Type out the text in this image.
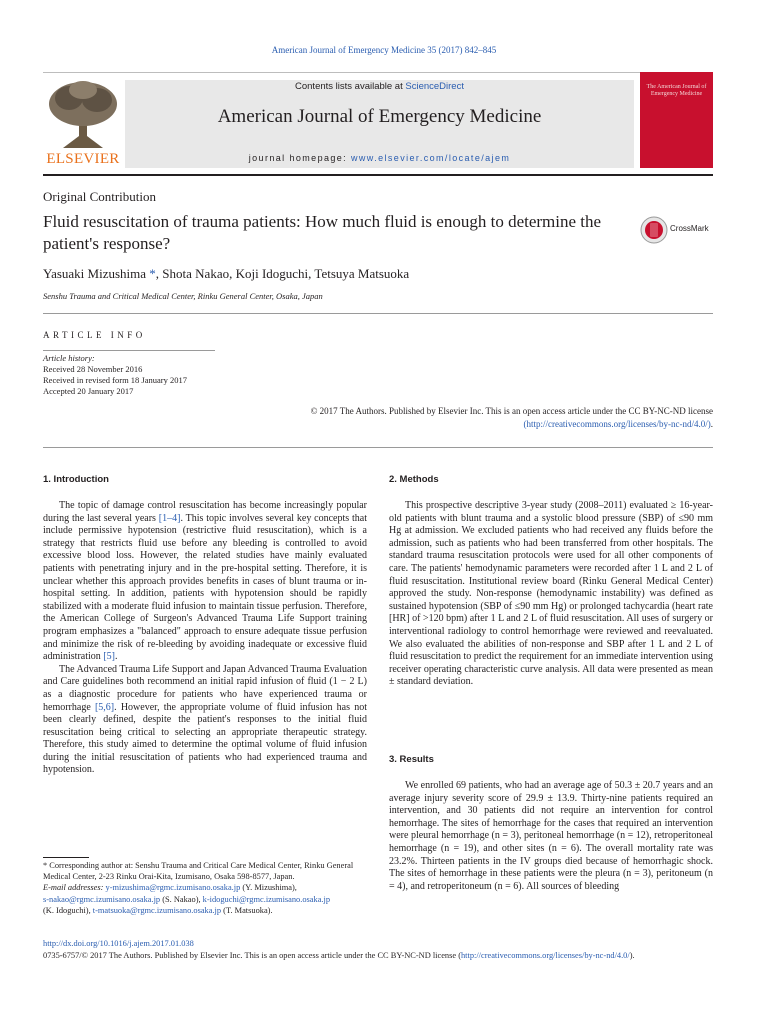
American Journal of Emergency Medicine 35 (2017) 842–845
ELSEVIER
Contents lists available at ScienceDirect
American Journal of Emergency Medicine
journal homepage: www.elsevier.com/locate/ajem
The American Journal of Emergency Medicine

Original Contribution
Fluid resuscitation of trauma patients: How much fluid is enough to determine the patient's response?
CrossMark
Yasuaki Mizushima *, Shota Nakao, Koji Idoguchi, Tetsuya Matsuoka
Senshu Trauma and Critical Medical Center, Rinku General Center, Osaka, Japan
ARTICLE INFO
Article history:
Received 28 November 2016
Received in revised form 18 January 2017
Accepted 20 January 2017
© 2017 The Authors. Published by Elsevier Inc. This is an open access article under the CC BY-NC-ND license
(http://creativecommons.org/licenses/by-nc-nd/4.0/).
1. Introduction

The topic of damage control resuscitation has become increasingly popular during the last several years [1–4]. This topic involves several key concepts that include permissive hypotension (restrictive fluid resuscitation), which is a strategy that restricts fluid use before any bleeding is controlled to avoid excessive blood loss. However, the related studies have mainly evaluated patients with penetrating injury and in the pre-hospital setting. Therefore, it is unclear whether this approach provides benefits in cases of blunt trauma or in-hospital setting. In addition, patients with hypotension should be rapidly stabilized with a moderate fluid infusion to maintain tissue perfusion. Therefore, the American College of Surgeon's Advanced Trauma Life Support training program emphasizes a "balanced" approach to ensure adequate tissue perfusion and minimize the risk of re-bleeding by avoiding inadequate or excessive fluid administration [5].

The Advanced Trauma Life Support and Japan Advanced Trauma Evaluation and Care guidelines both recommend an initial rapid infusion of fluid (1 − 2 L) as a diagnostic procedure for patients who have experienced trauma or hemorrhage [5,6]. However, the appropriate volume of fluid infusion has not been clearly defined, despite the patient's responses to the initial fluid resuscitation being critical to selecting an appropriate therapeutic strategy. Therefore, this study aimed to determine the optimal volume of fluid infusion during the initial resuscitation of patients who had experienced trauma and hypotension.

* Corresponding author at: Senshu Trauma and Critical Care Medical Center, Rinku General Medical Center, 2-23 Rinku Orai-Kita, Izumisano, Osaka 598-8577, Japan.
E-mail addresses: y-mizushima@rgmc.izumisano.osaka.jp (Y. Mizushima),
s-nakao@rgmc.izumisano.osaka.jp (S. Nakao), k-idoguchi@rgmc.izumisano.osaka.jp
(K. Idoguchi), t-matsuoka@rgmc.izumisano.osaka.jp (T. Matsuoka).
2. Methods

This prospective descriptive 3-year study (2008–2011) evaluated ≥ 16-year-old patients with blunt trauma and a systolic blood pressure (SBP) of ≤90 mm Hg at admission. We excluded patients who had received any fluids before the admission, such as patients who had been transferred from other hospitals. The standard trauma resuscitation protocols were used for all other components of care. The patients' hemodynamic parameters were recorded after 1 L and 2 L of fluid resuscitation. Institutional review board (Rinku General Medical Center) approved the study. Non-response (hemodynamic instability) was defined as sustained hypotension (SBP of ≤90 mm Hg) or prolonged tachycardia (heart rate [HR] of >120 bpm) after 1 L and 2 L of fluid resuscitation. All uses of surgery or interventional radiology to control hemorrhage were reviewed and reevaluated. We also evaluated the abilities of non-response and SBP after 1 L and 2 L of fluid resuscitation to predict the requirement for an immediate intervention using receiver operating characteristic curve analysis. All data were presented as mean ± standard deviation.

3. Results

We enrolled 69 patients, who had an average age of 50.3 ± 20.7 years and an average injury severity score of 29.9 ± 13.9. Thirty-nine patients required an intervention, and 30 patients did not require an intervention for control hemorrhage. The sites of hemorrhage for the cases that required an intervention were pleural hemorrhage (n = 3), peritoneal hemorrhage (n = 12), retroperitoneal hemorrhage (n = 19), and other sites (n = 6). The overall mortality rate was 23.2%. Thirteen patients in the IV groups died because of hemorrhagic shock. The sites of hemorrhage in these patients were the pleura (n = 3), peritoneum (n = 4), and retroperitoneum (n = 6). All sources of bleeding

http://dx.doi.org/10.1016/j.ajem.2017.01.038
0735-6757/© 2017 The Authors. Published by Elsevier Inc. This is an open access article under the CC BY-NC-ND license (http://creativecommons.org/licenses/by-nc-nd/4.0/).
